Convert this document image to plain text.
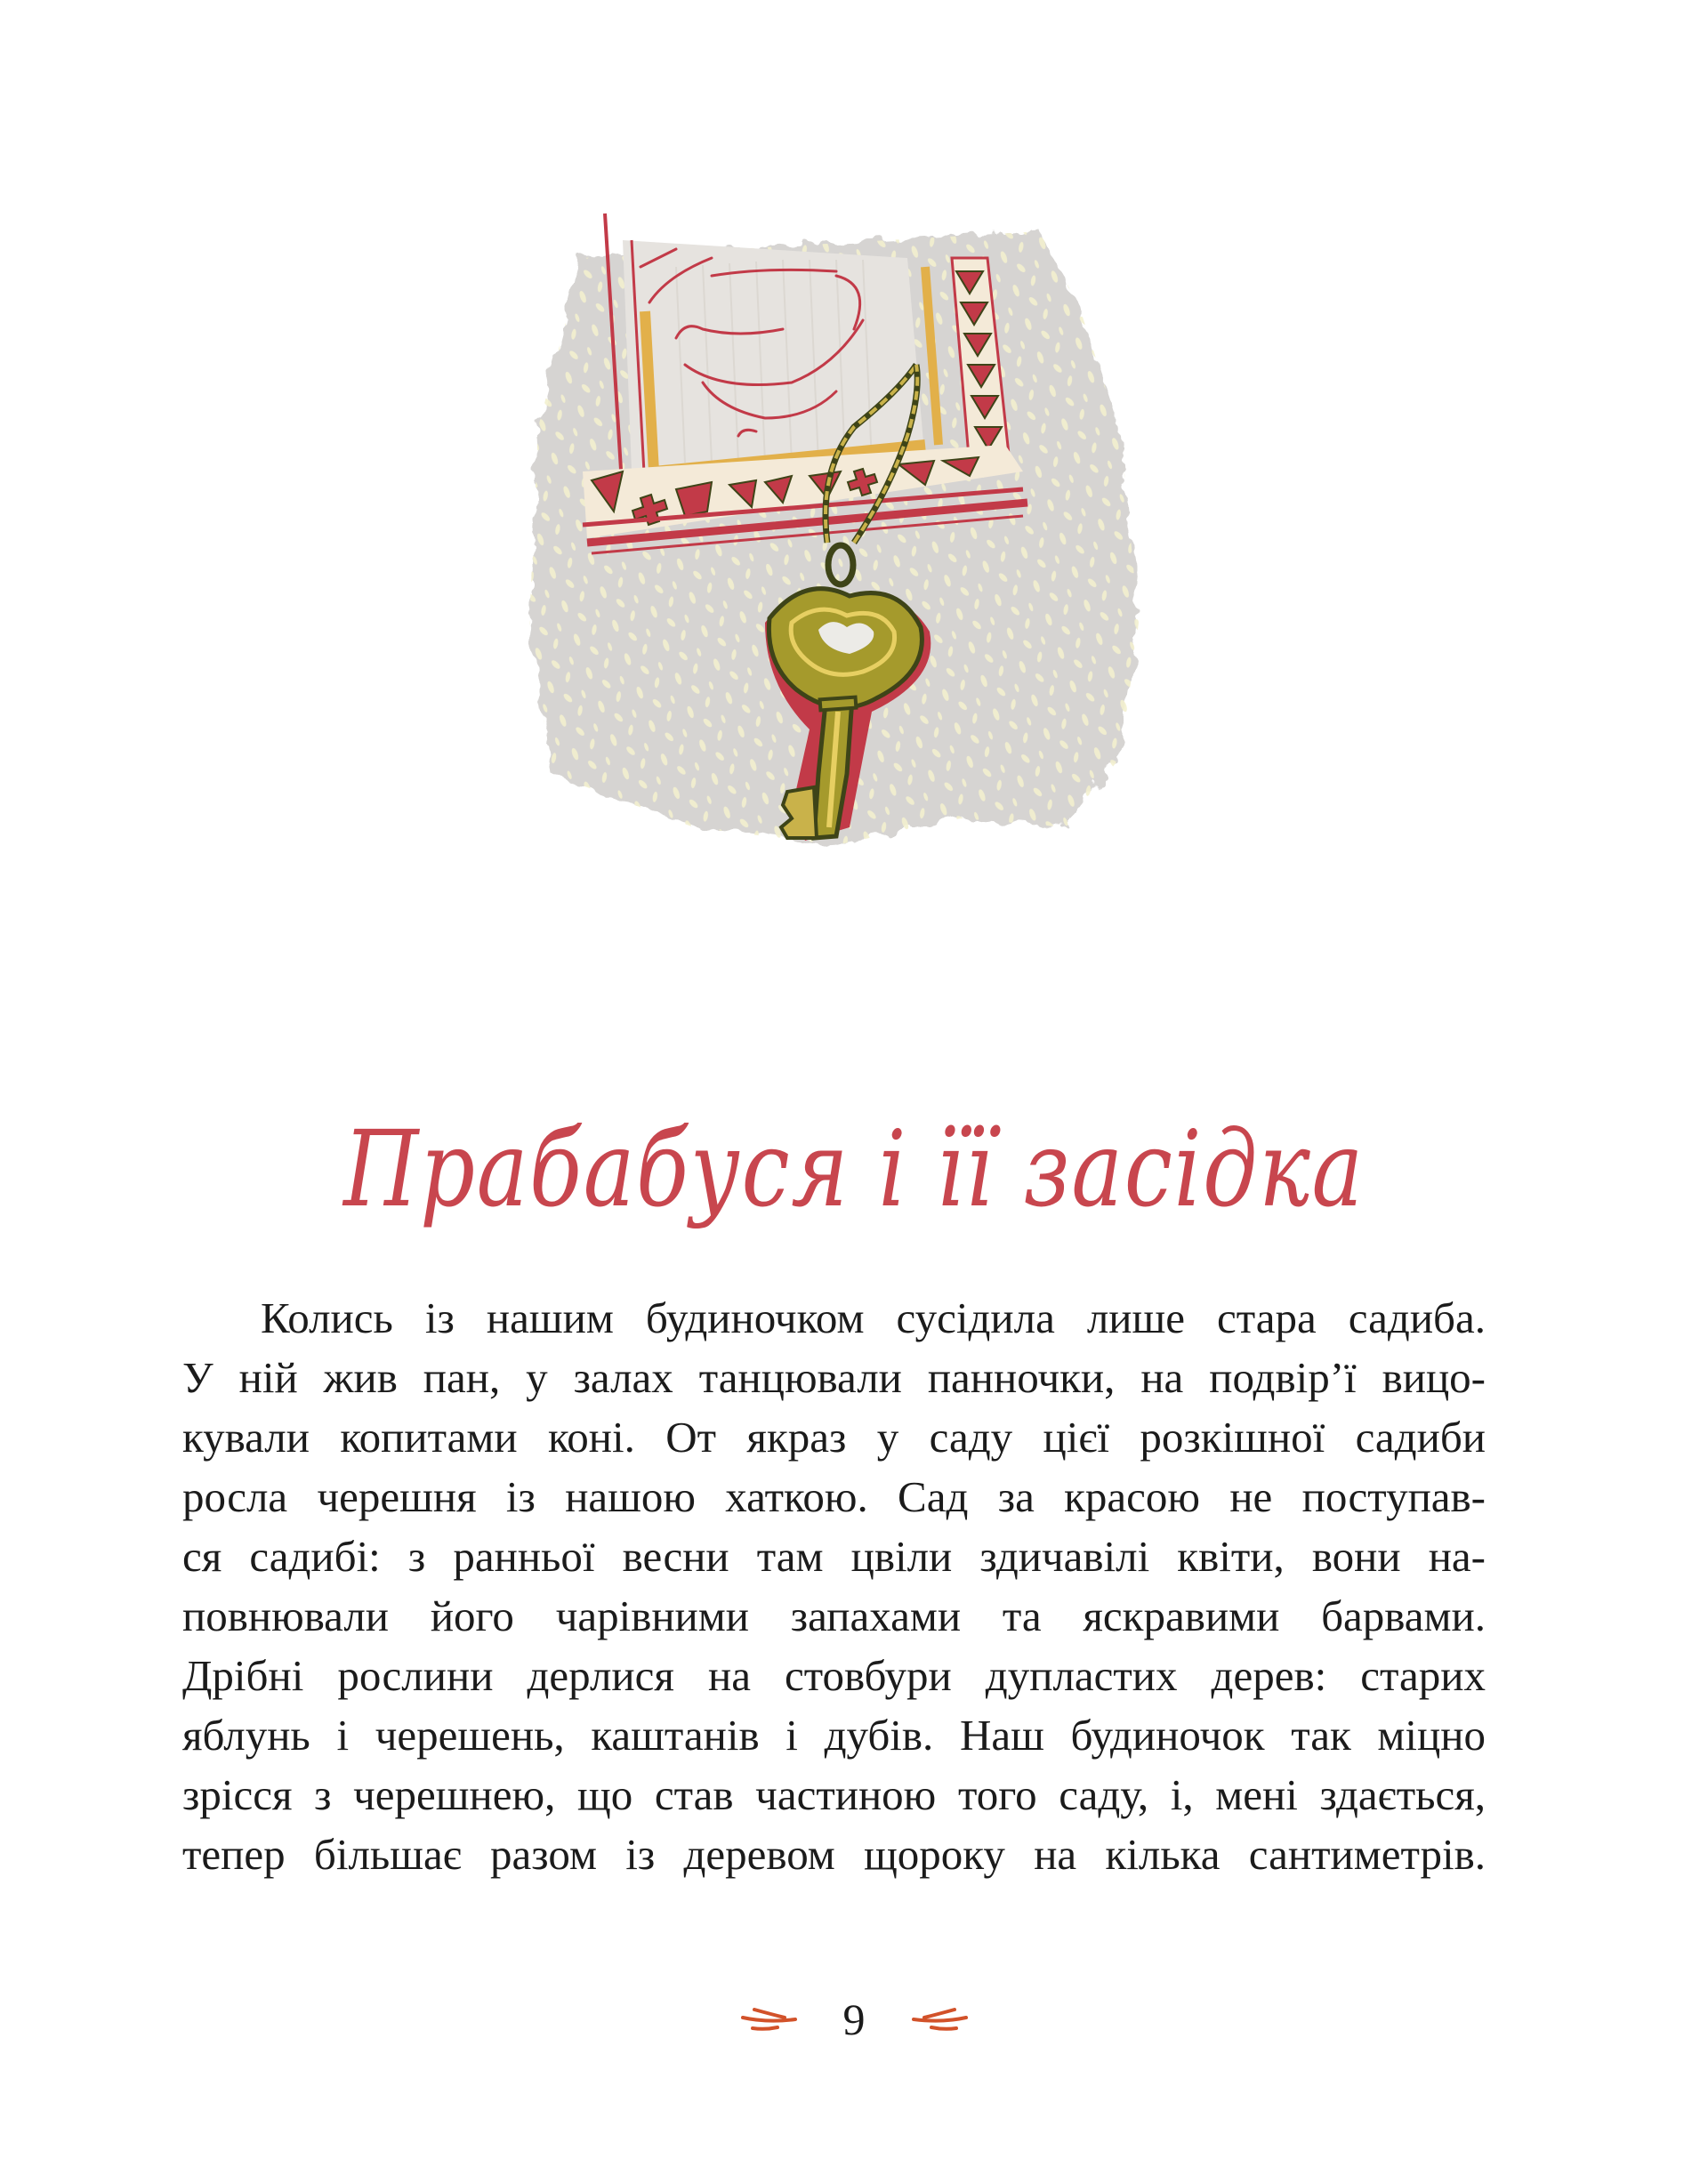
Прабабуся і її засідка
Колись із нашим будиночком сусідила лише стара садиба.
У ній жив пан, у залах танцювали панночки, на подвір’ї вицо-
кували копитами коні. От якраз у саду цієї розкішної садиби
росла черешня із нашою хаткою. Сад за красою не поступав-
ся садибі: з ранньої весни там цвіли здичавілі квіти, вони на-
повнювали його чарівними запахами та яскравими барвами.
Дрібні рослини дерлися на стовбури дупластих дерев: старих
яблунь і черешень, каштанів і дубів. Наш будиночок так міцно
зрісся з черешнею, що став частиною того саду, і, мені здається,
тепер більшає разом із деревом щороку на кілька сантиметрів.
9
